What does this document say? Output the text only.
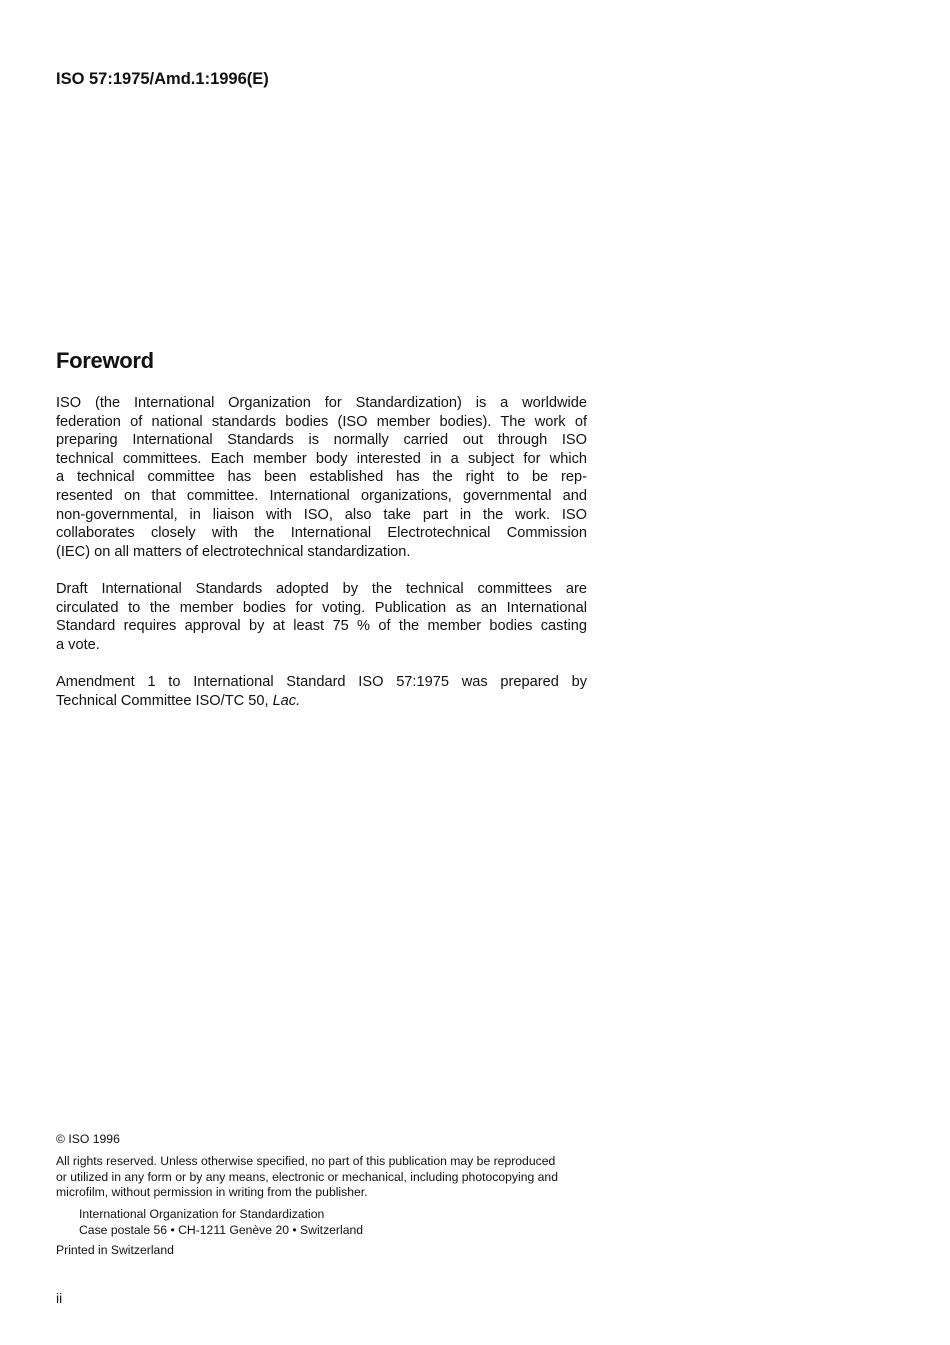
ISO 57:1975/Amd.1:1996(E)
Foreword
ISO (the International Organization for Standardization) is a worldwide
federation of national standards bodies (ISO member bodies). The work of
preparing International Standards is normally carried out through ISO
technical committees. Each member body interested in a subject for which
a technical committee has been established has the right to be rep-
resented on that committee. International organizations, governmental and
non-governmental, in liaison with ISO, also take part in the work. ISO
collaborates closely with the International Electrotechnical Commission
(IEC) on all matters of electrotechnical standardization.
Draft International Standards adopted by the technical committees are
circulated to the member bodies for voting. Publication as an International
Standard requires approval by at least 75 % of the member bodies casting
a vote.
Amendment 1 to International Standard ISO 57:1975 was prepared by
Technical Committee ISO/TC 50, Lac.
© ISO 1996
All rights reserved. Unless otherwise specified, no part of this publication may be reproduced
or utilized in any form or by any means, electronic or mechanical, including photocopying and
microfilm, without permission in writing from the publisher.
International Organization for Standardization
Case postale 56 • CH-1211 Genève 20 • Switzerland
Printed in Switzerland
ii
